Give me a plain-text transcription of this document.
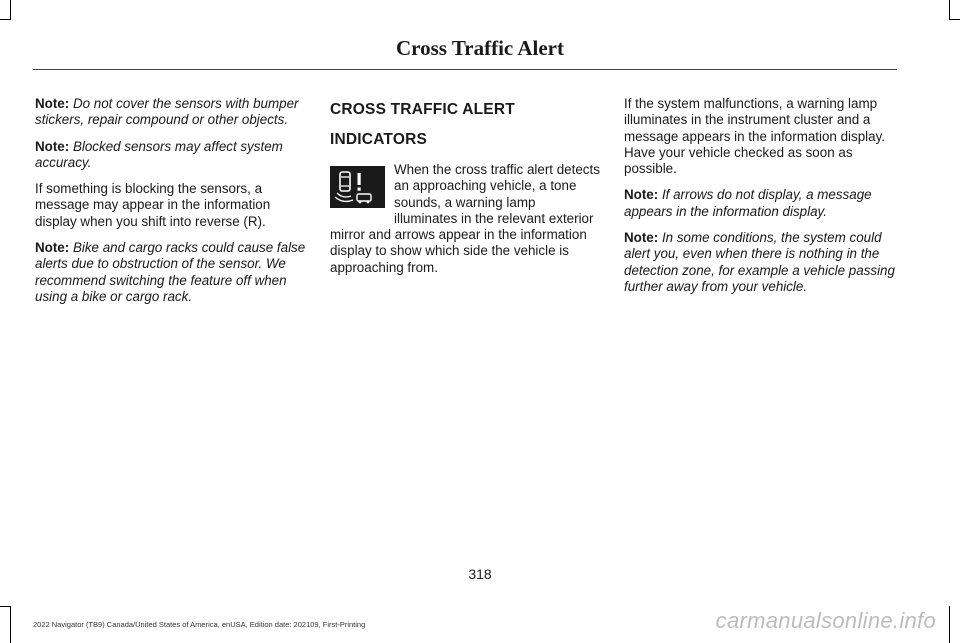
Cross Traffic Alert

Note: Do not cover the sensors with bumper stickers, repair compound or other objects.

Note: Blocked sensors may affect system accuracy.

If something is blocking the sensors, a message may appear in the information display when you shift into reverse (R).

Note: Bike and cargo racks could cause false alerts due to obstruction of the sensor. We recommend switching the feature off when using a bike or cargo rack.

CROSS TRAFFIC ALERT
INDICATORS

When the cross traffic alert detects an approaching vehicle, a tone sounds, a warning lamp illuminates in the relevant exterior mirror and arrows appear in the information display to show which side the vehicle is approaching from.

If the system malfunctions, a warning lamp illuminates in the instrument cluster and a message appears in the information display. Have your vehicle checked as soon as possible.

Note: If arrows do not display, a message appears in the information display.

Note: In some conditions, the system could alert you, even when there is nothing in the detection zone, for example a vehicle passing further away from your vehicle.

318
2022 Navigator (TB9) Canada/United States of America, enUSA, Edition date: 202109, First-Printing	carmanualsonline.info
